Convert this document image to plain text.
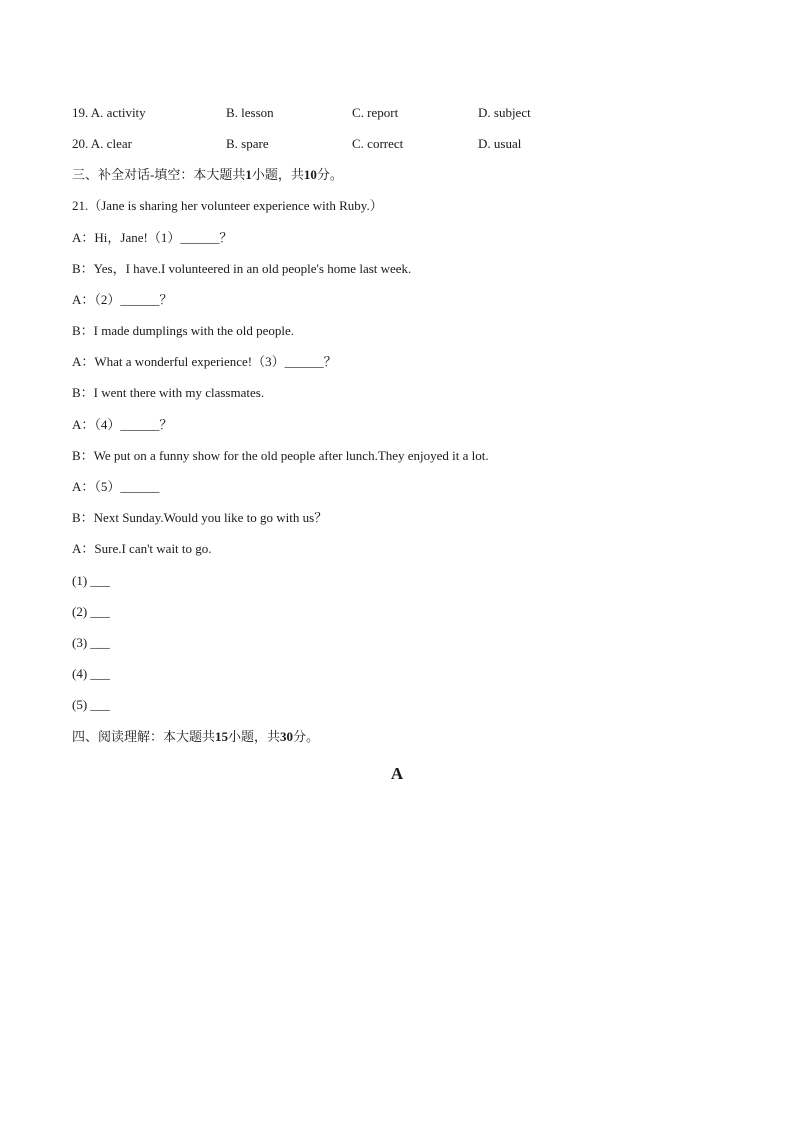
19. A. activity	B. lesson	C. report	D. subject
20. A. clear	B. spare	C. correct	D. usual
三、补全对话-填空：本大题共1小题，共10分。
21.（Jane is sharing her volunteer experience with Ruby.）
A：Hi，Jane!（1）______？
B：Yes，I have.I volunteered in an old people's home last week.
A：（2）______？
B：I made dumplings with the old people.
A：What a wonderful experience!（3）______？
B：I went there with my classmates.
A：（4）______？
B：We put on a funny show for the old people after lunch.They enjoyed it a lot.
A：（5）______
B：Next Sunday.Would you like to go with us？
A：Sure.I can't wait to go.
(1) ___
(2) ___
(3) ___
(4) ___
(5) ___
四、阅读理解：本大题共15小题，共30分。
A
